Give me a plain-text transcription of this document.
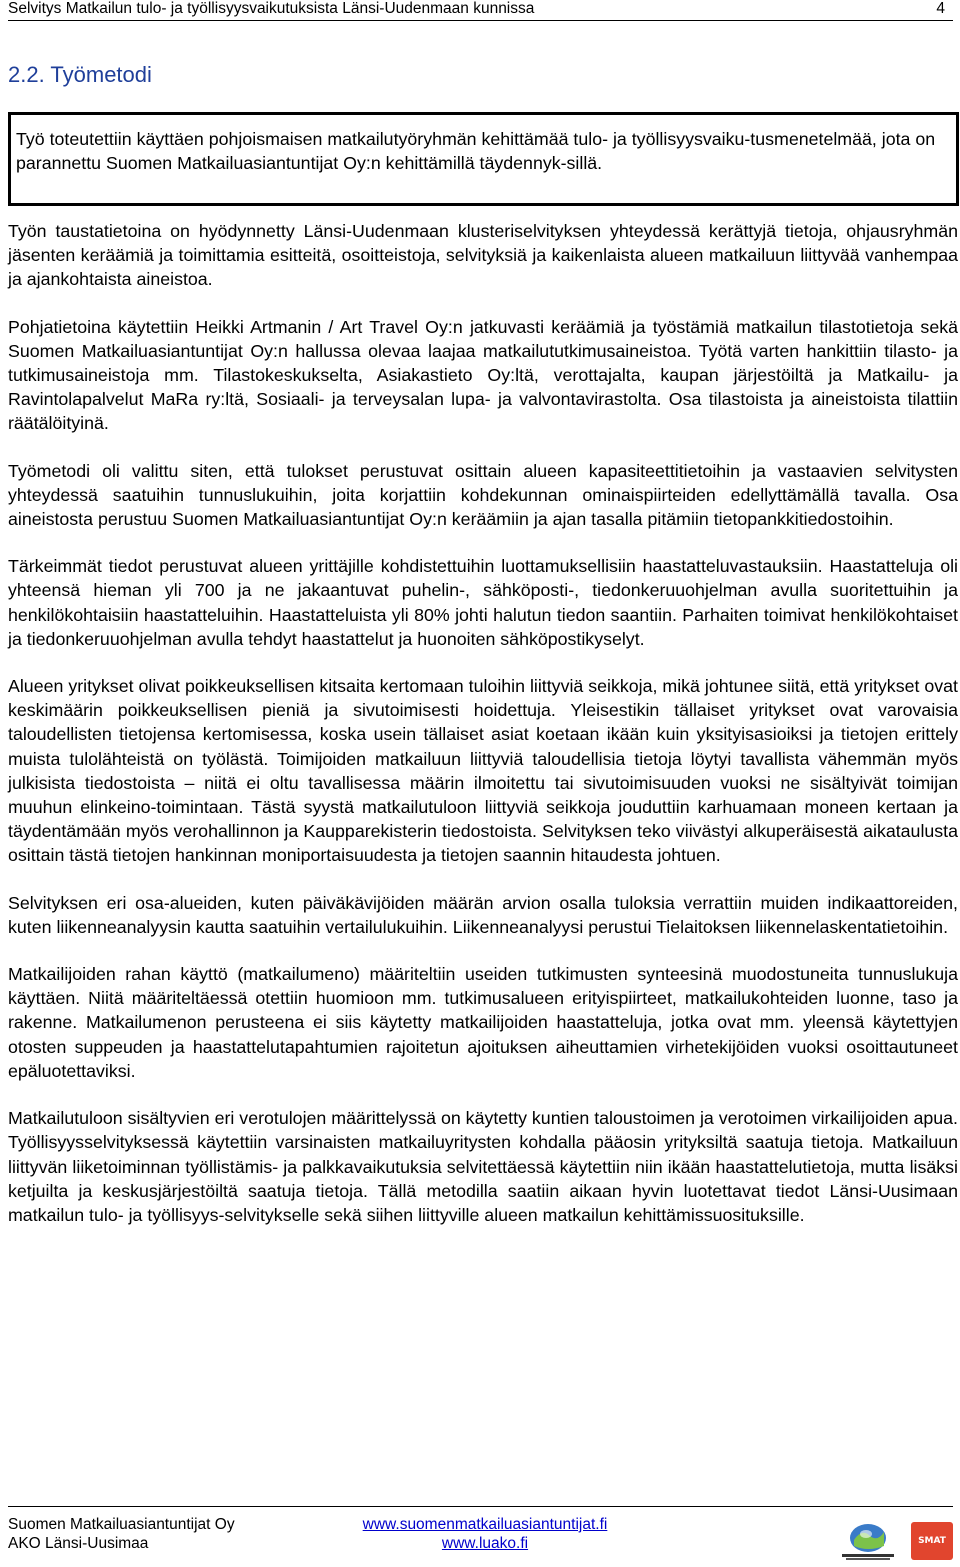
Selvitys Matkailun tulo- ja työllisyysvaikutuksista Länsi-Uudenmaan kunnissa	4
2.2. Työmetodi

Työ toteutettiin käyttäen pohjoismaisen matkailutyöryhmän kehittämää tulo- ja työllisyysvaiku-tusmenetelmää, jota on parannettu Suomen Matkailuasiantuntijat Oy:n kehittämillä täydennyk-sillä.

Työn taustatietoina on hyödynnetty Länsi-Uudenmaan klusteriselvityksen yhteydessä kerättyjä tietoja, ohjausryhmän jäsenten keräämiä ja toimittamia esitteitä, osoitteistoja, selvityksiä ja kaikenlaista alueen matkailuun liittyvää vanhempaa ja ajankohtaista aineistoa.

Pohjatietoina käytettiin Heikki Artmanin / Art Travel Oy:n jatkuvasti keräämiä ja työstämiä matkailun tilastotietoja sekä Suomen Matkailuasiantuntijat Oy:n hallussa olevaa laajaa matkailututkimusaineistoa. Työtä varten hankittiin tilasto- ja tutkimusaineistoja mm. Tilastokeskukselta, Asiakastieto Oy:ltä, verottajalta, kaupan järjestöiltä ja Matkailu- ja Ravintolapalvelut MaRa ry:ltä, Sosiaali- ja terveysalan lupa- ja valvontavirastolta. Osa tilastoista ja aineistoista tilattiin räätälöityinä.

Työmetodi oli valittu siten, että tulokset perustuvat osittain alueen kapasiteettitietoihin ja vastaavien selvitysten yhteydessä saatuihin tunnuslukuihin, joita korjattiin kohdekunnan ominaispiirteiden edellyttämällä tavalla. Osa aineistosta perustuu Suomen Matkailuasiantuntijat Oy:n keräämiin ja ajan tasalla pitämiin tietopankkitiedostoihin.

Tärkeimmät tiedot perustuvat alueen yrittäjille kohdistettuihin luottamuksellisiin haastatteluvastauksiin. Haastatteluja oli yhteensä hieman yli 700 ja ne jakaantuvat puhelin-, sähköposti-, tiedonkeruuohjelman avulla suoritettuihin ja henkilökohtaisiin haastatteluihin. Haastatteluista yli 80% johti halutun tiedon saantiin. Parhaiten toimivat henkilökohtaiset ja tiedonkeruuohjelman avulla tehdyt haastattelut ja huonoiten sähköpostikyselyt.

Alueen yritykset olivat poikkeuksellisen kitsaita kertomaan tuloihin liittyviä seikkoja, mikä johtunee siitä, että yritykset ovat keskimäärin poikkeuksellisen pieniä ja sivutoimisesti hoidettuja. Yleisestikin tällaiset yritykset ovat varovaisia taloudellisten tietojensa kertomisessa, koska usein tällaiset asiat koetaan ikään kuin yksityisasioiksi ja tietojen erittely muista tulolähteistä on työlästä. Toimijoiden matkailuun liittyviä taloudellisia tietoja löytyi tavallista vähemmän myös julkisista tiedostoista – niitä ei oltu tavallisessa määrin ilmoitettu tai sivutoimisuuden vuoksi ne sisältyivät toimijan muuhun elinkeino-toimintaan. Tästä syystä matkailutuloon liittyviä seikkoja jouduttiin karhuamaan moneen kertaan ja täydentämään myös verohallinnon ja Kaupparekisterin tiedostoista. Selvityksen teko viivästyi alkuperäisestä aikataulusta osittain tästä tietojen hankinnan moniportaisuudesta ja tietojen saannin hitaudesta johtuen.

Selvityksen eri osa-alueiden, kuten päiväkävijöiden määrän arvion osalla tuloksia verrattiin muiden indikaattoreiden, kuten liikenneanalyysin kautta saatuihin vertailulukuihin. Liikenneanalyysi perustui Tielaitoksen liikennelaskentatietoihin.

Matkailijoiden rahan käyttö (matkailumeno) määriteltiin useiden tutkimusten synteesinä muodostuneita tunnuslukuja käyttäen. Niitä määriteltäessä otettiin huomioon mm. tutkimusalueen erityispiirteet, matkailukohteiden luonne, taso ja rakenne. Matkailumenon perusteena ei siis käytetty matkailijoiden haastatteluja, jotka ovat mm. yleensä käytettyjen otosten suppeuden ja haastattelutapahtumien rajoitetun ajoituksen aiheuttamien virhetekijöiden vuoksi osoittautuneet epäluotettaviksi.

Matkailutuloon sisältyvien eri verotulojen määrittelyssä on käytetty kuntien taloustoimen ja verotoimen virkailijoiden apua. Työllisyysselvityksessä käytettiin varsinaisten matkailuyritysten kohdalla pääosin yrityksiltä saatuja tietoja. Matkailuun liittyvän liiketoiminnan työllistämis- ja palkkavaikutuksia selvitettäessä käytettiin niin ikään haastattelutietoja, mutta lisäksi ketjuilta ja keskusjärjestöiltä saatuja tietoja. Tällä metodilla saatiin aikaan hyvin luotettavat tiedot Länsi-Uusimaan matkailun tulo- ja työllisyys-selvitykselle sekä siihen liittyville alueen matkailun kehittämissuosituksille.

Suomen Matkailuasiantuntijat Oy
AKO Länsi-Uusimaa
www.suomenmatkailuasiantuntijat.fi
www.luako.fi	SMAT
